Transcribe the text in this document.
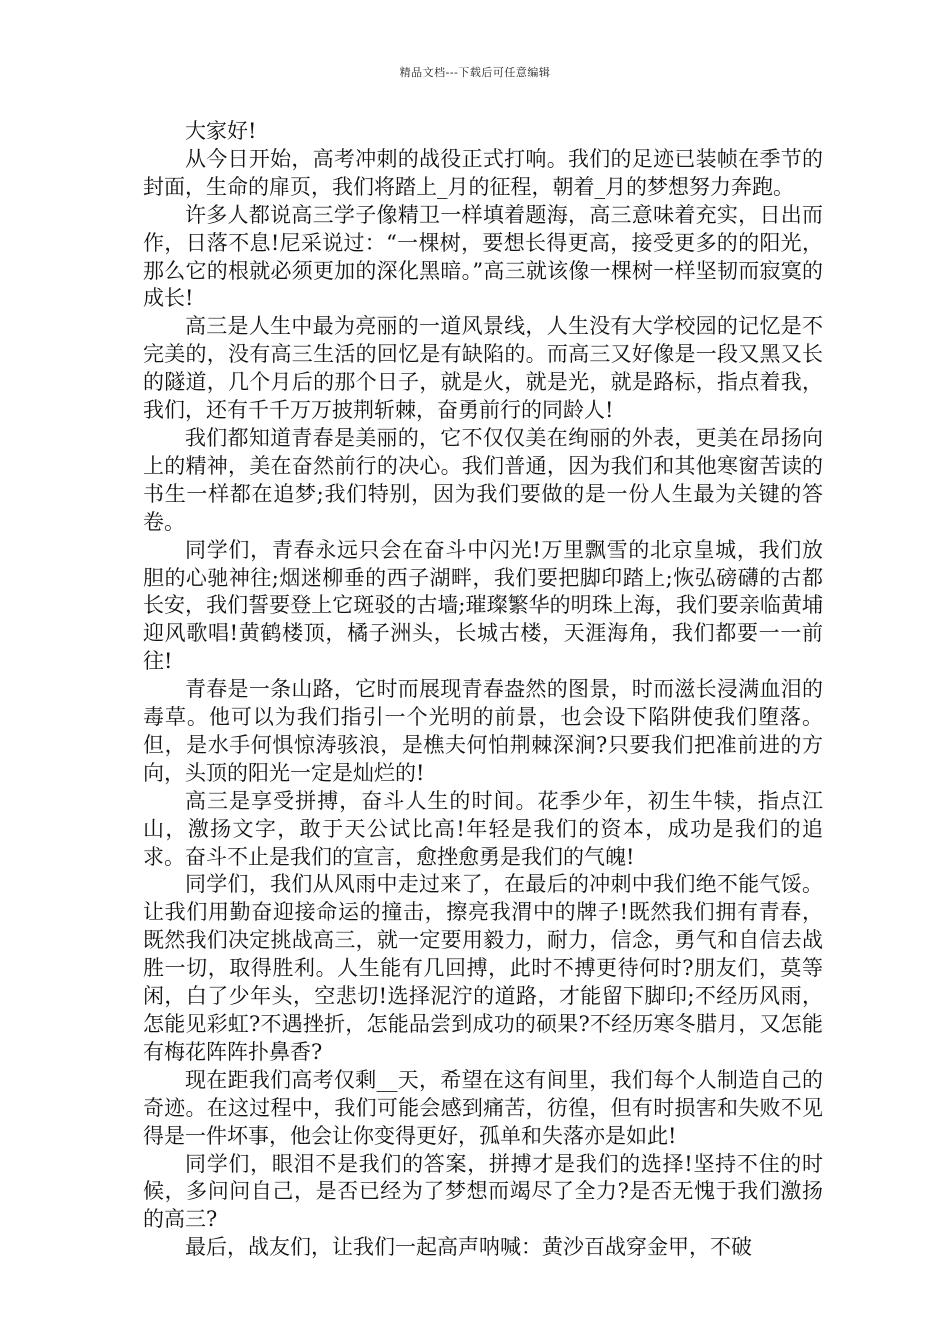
精品文档---下载后可任意编辑

大家好!

从今日开始，高考冲刺的战役正式打响。我们的足迹已装帧在季节的封面，生命的扉页，我们将踏上_月的征程，朝着_月的梦想努力奔跑。

许多人都说高三学子像精卫一样填着题海，高三意味着充实，日出而作，日落不息!尼采说过：“一棵树，要想长得更高，接受更多的的阳光，那么它的根就必须更加的深化黑暗。”高三就该像一棵树一样坚韧而寂寞的成长!

高三是人生中最为亮丽的一道风景线，人生没有大学校园的记忆是不完美的，没有高三生活的回忆是有缺陷的。而高三又好像是一段又黑又长的隧道，几个月后的那个日子，就是火，就是光，就是路标，指点着我，我们，还有千千万万披荆斩棘，奋勇前行的同龄人!

我们都知道青春是美丽的，它不仅仅美在绚丽的外表，更美在昂扬向上的精神，美在奋然前行的决心。我们普通，因为我们和其他寒窗苦读的书生一样都在追梦;我们特别，因为我们要做的是一份人生最为关键的答卷。

同学们，青春永远只会在奋斗中闪光!万里飘雪的北京皇城，我们放胆的心驰神往;烟迷柳垂的西子湖畔，我们要把脚印踏上;恢弘磅礴的古都长安，我们誓要登上它斑驳的古墙;璀璨繁华的明珠上海，我们要亲临黄埔迎风歌唱!黄鹤楼顶，橘子洲头，长城古楼，天涯海角，我们都要一一前往!

青春是一条山路，它时而展现青春盎然的图景，时而滋长浸满血泪的毒草。他可以为我们指引一个光明的前景，也会设下陷阱使我们堕落。但，是水手何惧惊涛骇浪，是樵夫何怕荆棘深涧?只要我们把准前进的方向，头顶的阳光一定是灿烂的!

高三是享受拼搏，奋斗人生的时间。花季少年，初生牛犊，指点江山，激扬文字，敢于天公试比高!年轻是我们的资本，成功是我们的追求。奋斗不止是我们的宣言，愈挫愈勇是我们的气魄!

同学们，我们从风雨中走过来了，在最后的冲刺中我们绝不能气馁。让我们用勤奋迎接命运的撞击，擦亮我渭中的牌子!既然我们拥有青春，既然我们决定挑战高三，就一定要用毅力，耐力，信念，勇气和自信去战胜一切，取得胜利。人生能有几回搏，此时不搏更待何时?朋友们，莫等闲，白了少年头，空悲切!选择泥泞的道路，才能留下脚印;不经历风雨，怎能见彩虹?不遇挫折，怎能品尝到成功的硕果?不经历寒冬腊月，又怎能有梅花阵阵扑鼻香?

现在距我们高考仅剩__天，希望在这有间里，我们每个人制造自己的奇迹。在这过程中，我们可能会感到痛苦，彷徨，但有时损害和失败不见得是一件坏事，他会让你变得更好，孤单和失落亦是如此!

同学们，眼泪不是我们的答案，拼搏才是我们的选择!坚持不住的时候，多问问自己，是否已经为了梦想而竭尽了全力?是否无愧于我们激扬的高三?

最后，战友们，让我们一起高声呐喊：黄沙百战穿金甲，不破
